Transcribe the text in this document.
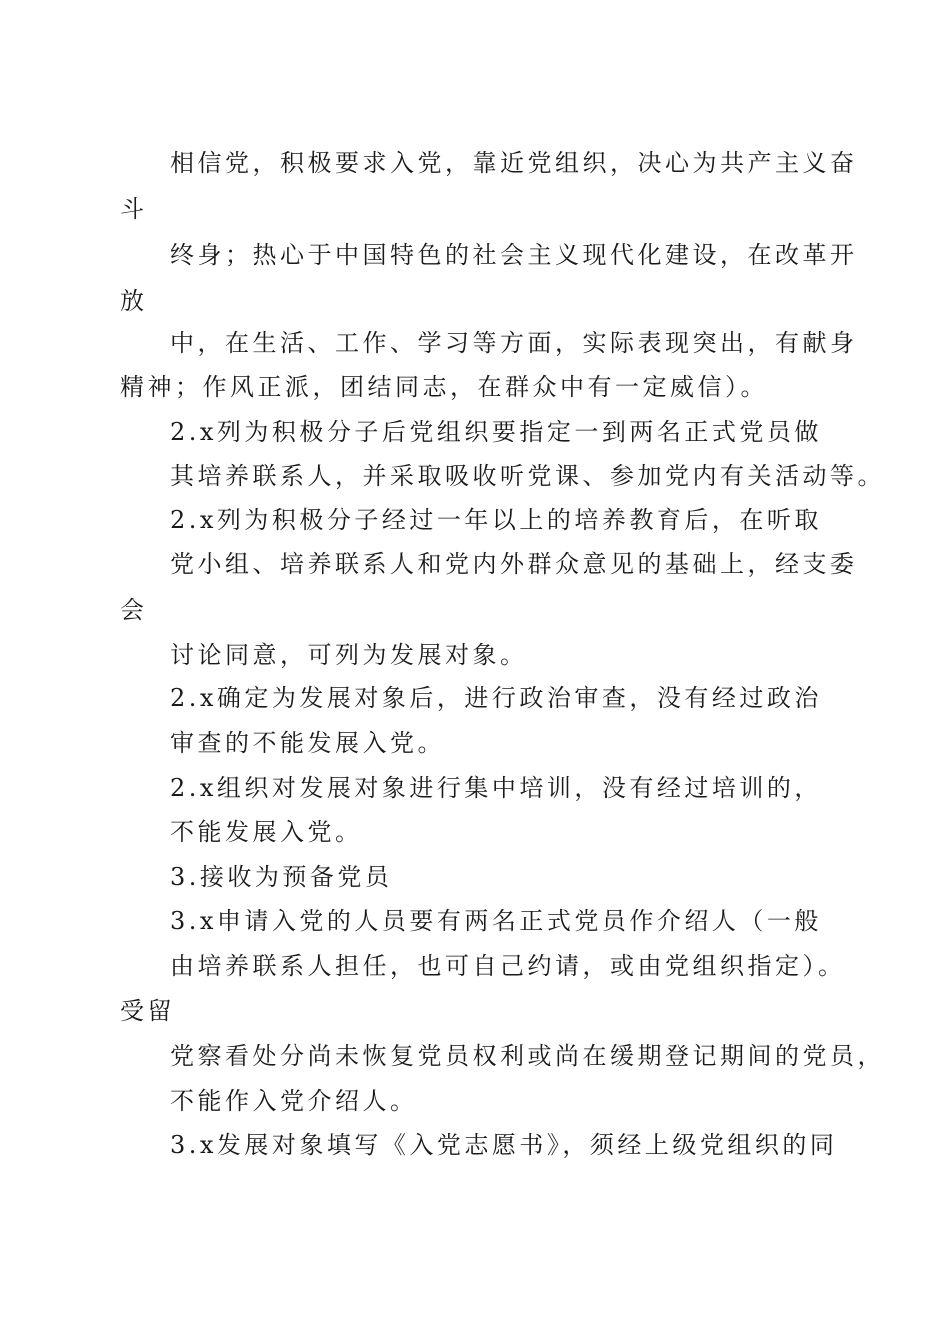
相信党，积极要求入党，靠近党组织，决心为共产主义奋
斗
终身；热心于中国特色的社会主义现代化建设，在改革开
放
中，在生活、工作、学习等方面，实际表现突出，有献身
精神；作风正派，团结同志，在群众中有一定威信）。
2.x列为积极分子后党组织要指定一到两名正式党员做
其培养联系人，并采取吸收听党课、参加党内有关活动等。
2.x列为积极分子经过一年以上的培养教育后，在听取
党小组、培养联系人和党内外群众意见的基础上，经支委
会
讨论同意，可列为发展对象。
2.x确定为发展对象后，进行政治审查，没有经过政治
审查的不能发展入党。
2.x组织对发展对象进行集中培训，没有经过培训的，
不能发展入党。
3.接收为预备党员
3.x申请入党的人员要有两名正式党员作介绍人（一般
由培养联系人担任，也可自己约请，或由党组织指定）。
受留
党察看处分尚未恢复党员权利或尚在缓期登记期间的党员，
不能作入党介绍人。
3.x发展对象填写《入党志愿书》，须经上级党组织的同
